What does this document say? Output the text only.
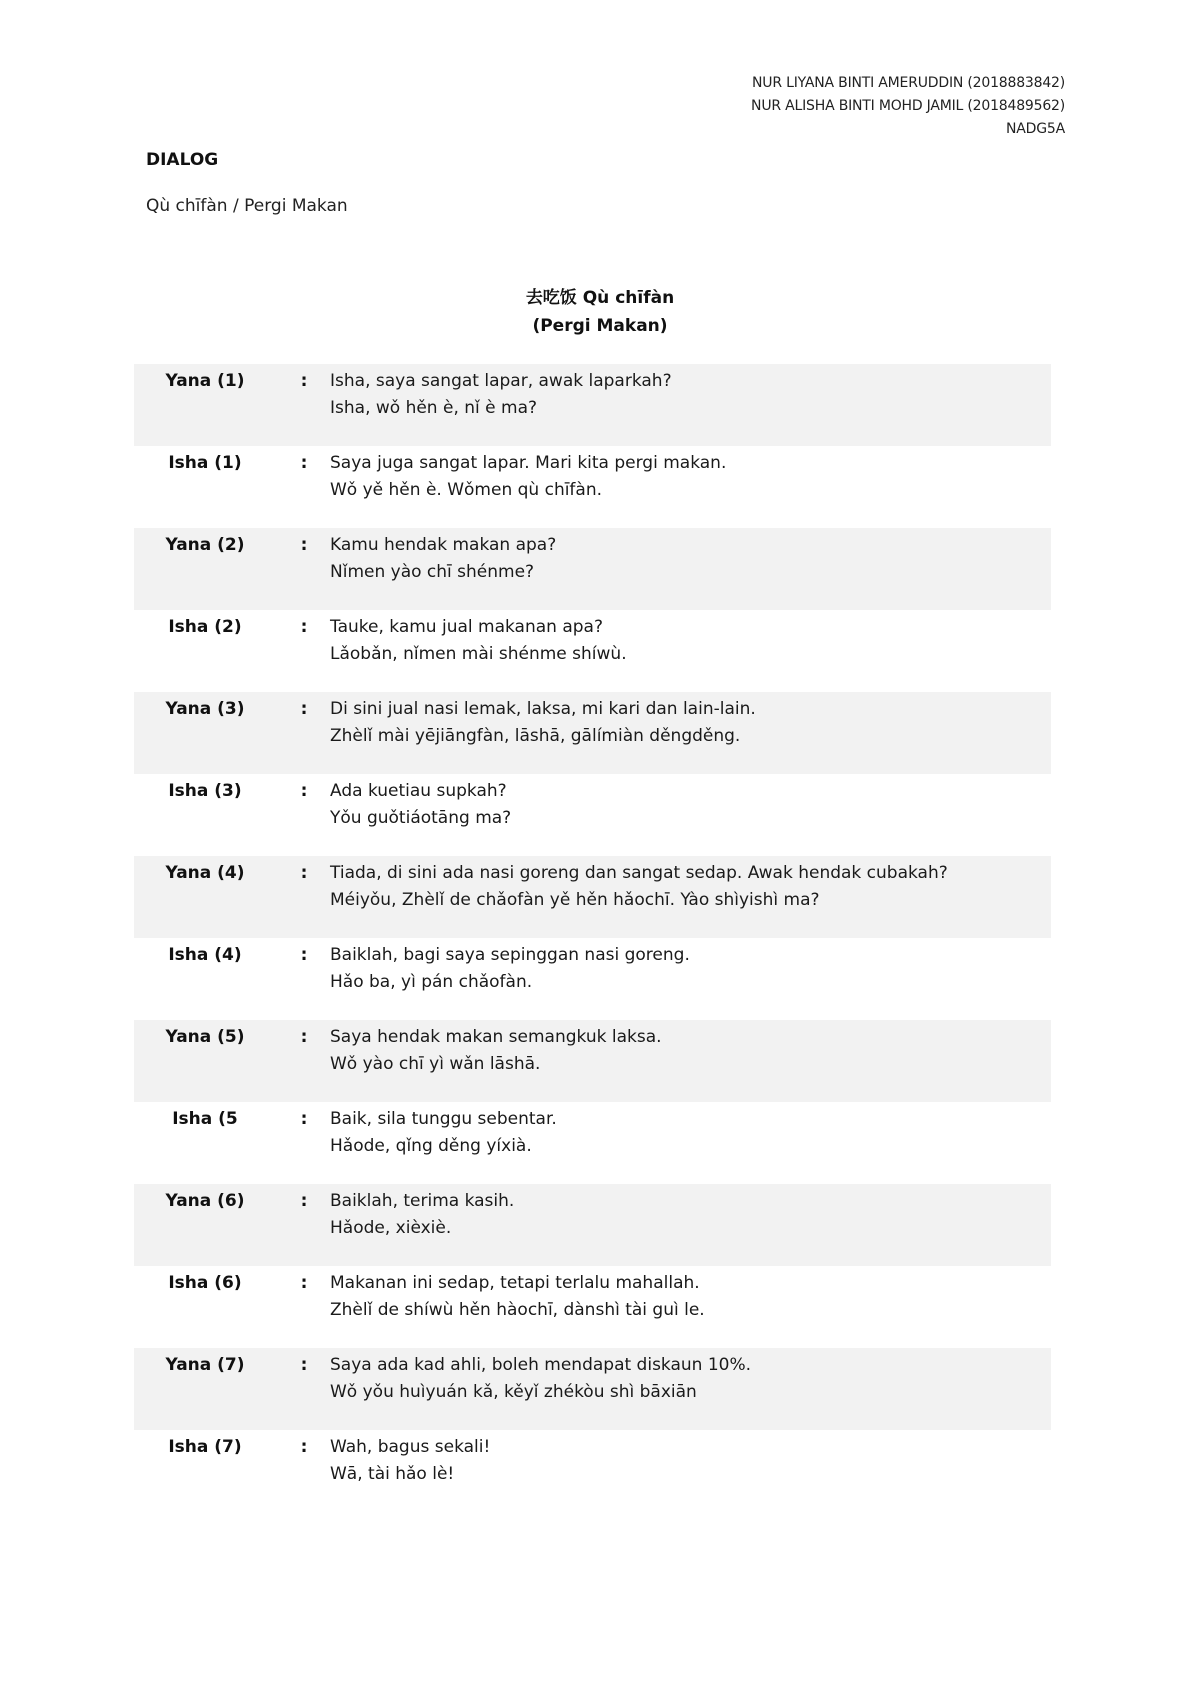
NUR LIYANA BINTI AMERUDDIN (2018883842)
NUR ALISHA BINTI MOHD JAMIL (2018489562)
NADG5A
DIALOG
Qù chīfàn / Pergi Makan
去吃饭 Qù chīfàn
(Pergi Makan)
Yana (1)	:	Isha, saya sangat lapar, awak laparkah?
Isha, wǒ hěn è, nǐ è ma?
Isha (1)	:	Saya juga sangat lapar. Mari kita pergi makan.
Wǒ yě hěn è. Wǒmen qù chīfàn.
Yana (2)	:	Kamu hendak makan apa?
Nǐmen yào chī shénme?
Isha (2)	:	Tauke, kamu jual makanan apa?
Lǎobǎn, nǐmen mài shénme shíwù.
Yana (3)	:	Di sini jual nasi lemak, laksa, mi kari dan lain-lain.
Zhèlǐ mài yējiāngfàn, lāshā, gālímiàn děngděng.
Isha (3)	:	Ada kuetiau supkah?
Yǒu guǒtiáotāng ma?
Yana (4)	:	Tiada, di sini ada nasi goreng dan sangat sedap. Awak hendak cubakah?
Méiyǒu, Zhèlǐ de chǎofàn yě hěn hǎochī. Yào shìyishì ma?
Isha (4)	:	Baiklah, bagi saya sepinggan nasi goreng.
Hǎo ba, yì pán chǎofàn.
Yana (5)	:	Saya hendak makan semangkuk laksa.
Wǒ yào chī yì wǎn lāshā.
Isha (5	:	Baik, sila tunggu sebentar.
Hǎode, qǐng děng yíxià.
Yana (6)	:	Baiklah, terima kasih.
Hǎode, xièxiè.
Isha (6)	:	Makanan ini sedap, tetapi terlalu mahallah.
Zhèlǐ de shíwù hěn hàochī, dànshì tài guì le.
Yana (7)	:	Saya ada kad ahli, boleh mendapat diskaun 10%.
Wǒ yǒu huìyuán kǎ, kěyǐ zhékòu shì bāxiān
Isha (7)	:	Wah, bagus sekali!
Wā, tài hǎo lè!
